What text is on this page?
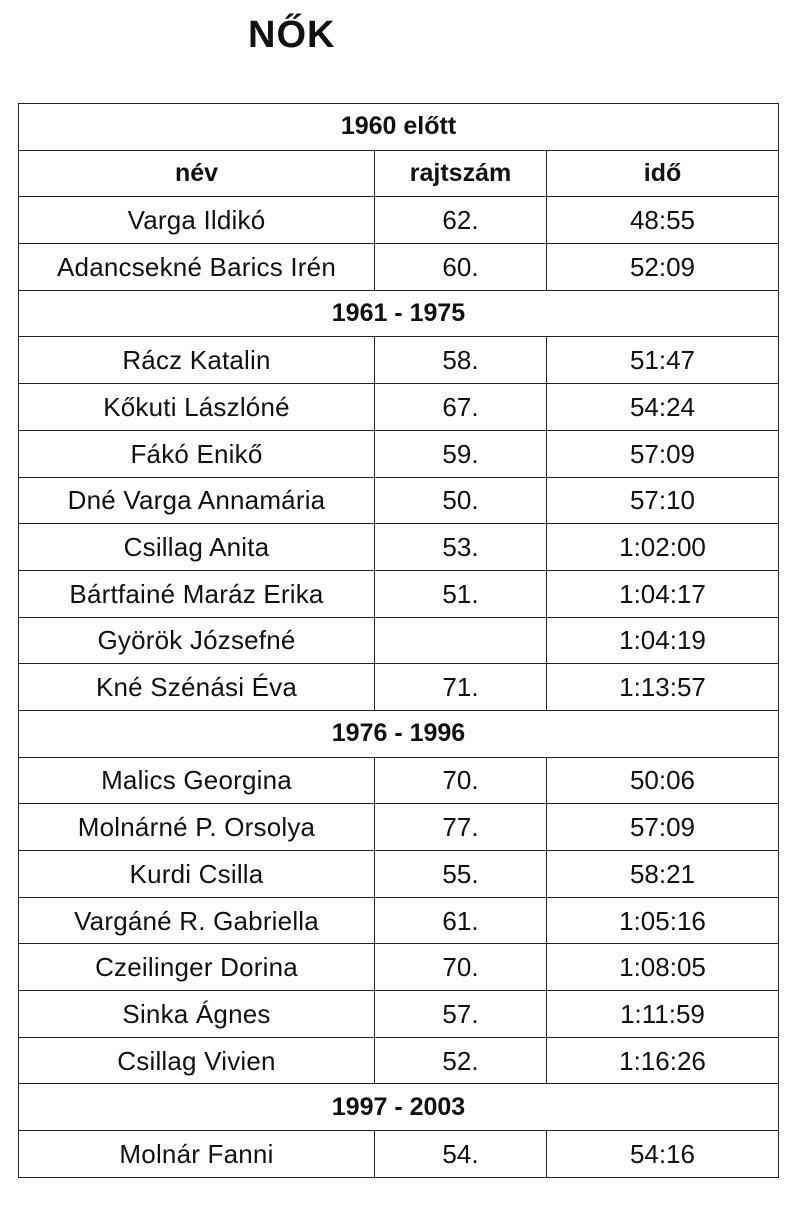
NŐK
1960 előtt		
név	rajtszám	idő
Varga Ildikó	62.	48:55
Adancsekné Barics Irén	60.	52:09
1961 - 1975		
Rácz Katalin	58.	51:47
Kőkuti Lászlóné	67.	54:24
Fákó Enikő	59.	57:09
Dné Varga Annamária	50.	57:10
Csillag Anita	53.	1:02:00
Bártfainé Maráz Erika	51.	1:04:17
Györök Józsefné		1:04:19
Kné Szénási Éva	71.	1:13:57
1976 - 1996		
Malics Georgina	70.	50:06
Molnárné P. Orsolya	77.	57:09
Kurdi Csilla	55.	58:21
Vargáné R. Gabriella	61.	1:05:16
Czeilinger Dorina	70.	1:08:05
Sinka Ágnes	57.	1:11:59
Csillag Vivien	52.	1:16:26
1997 - 2003		
Molnár Fanni	54.	54:16
